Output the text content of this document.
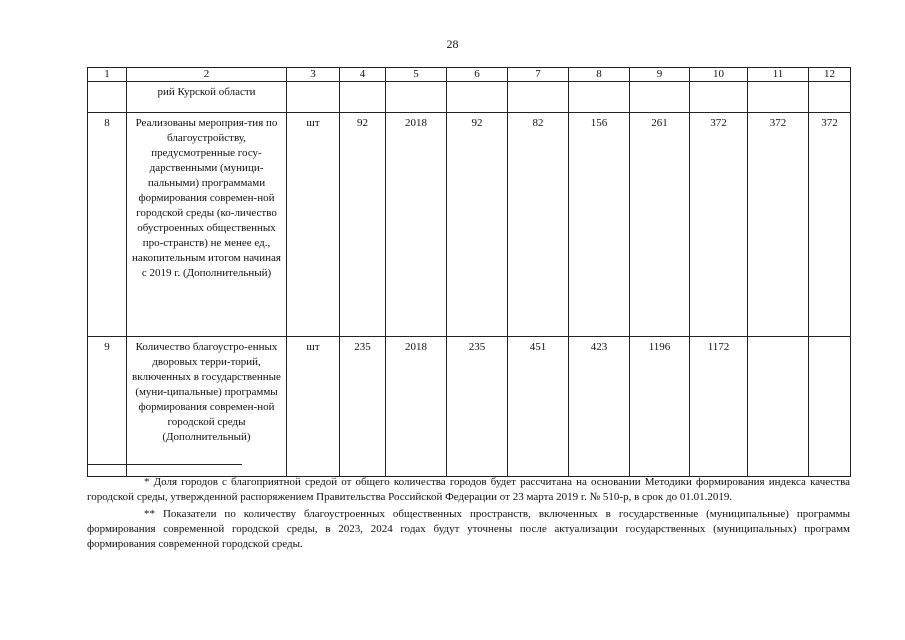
28
1	2	3	4	5	6	7	8	9	10	11	12
	рий Курской области										
8	Реализованы мероприя-тия по благоустройству, предусмотренные госу-дарственными (муници-пальными) программами формирования современ-ной городской среды (ко-личество обустроенных общественных про-странств) не менее ед., накопительным итогом начиная с 2019 г. (Дополнительный)	шт	92	2018	92	82	156	261	372	372	372
9	Количество благоустро-енных дворовых терри-торий, включенных в государственные (муни-ципальные) программы формирования современ-ной городской среды (Дополнительный)	шт	235	2018	235	451	423	1196	1172		

* Доля городов с благоприятной средой от общего количества городов будет рассчитана на основании Методики формирования индекса качества городской среды, утвержденной распоряжением Правительства Российской Федерации от 23 марта 2019 г. № 510-р, в срок до 01.01.2019.

** Показатели по количеству благоустроенных общественных пространств, включенных в государственные (муниципальные) программы формирования современной городской среды, в 2023, 2024 годах будут уточнены после актуализации государственных (муниципальных) программ формирования современной городской среды.
